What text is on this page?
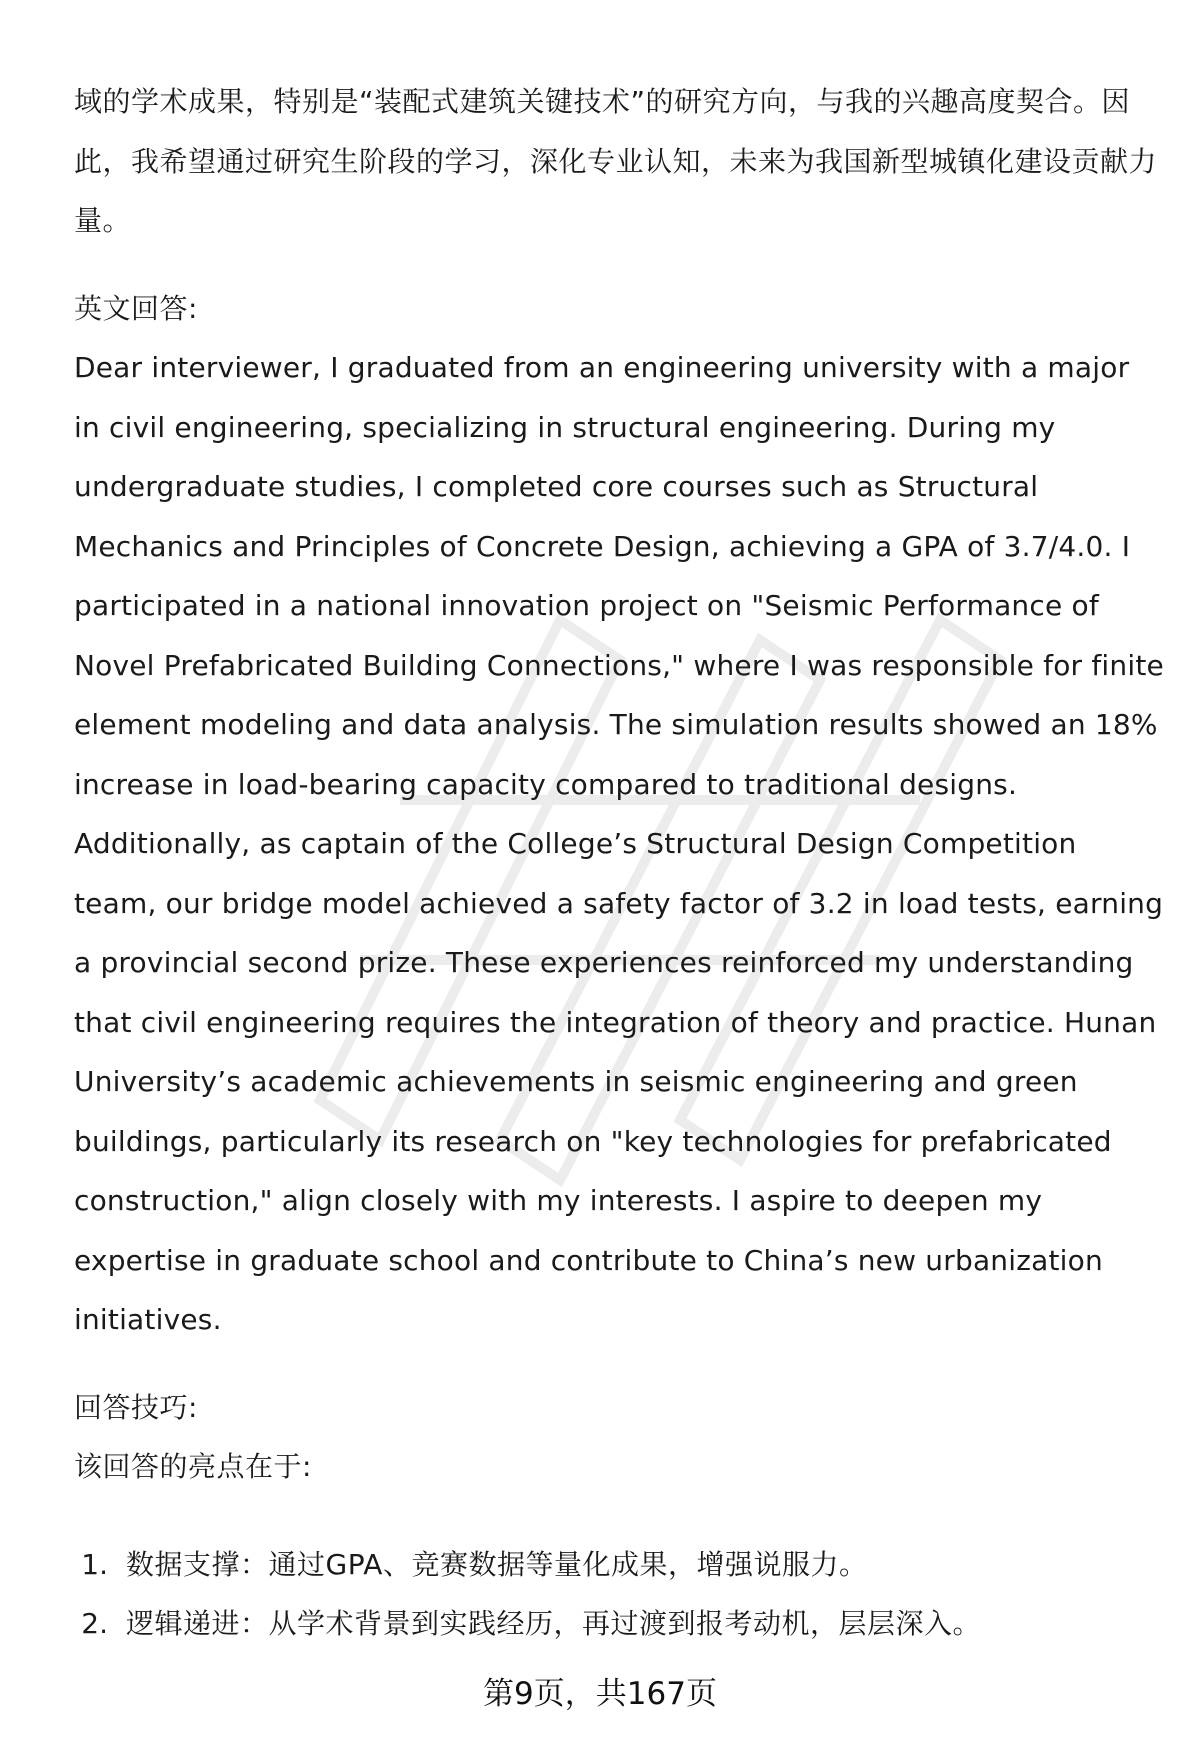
域的学术成果，特别是“装配式建筑关键技术”的研究方向，与我的兴趣高度契合。因此，我希望通过研究生阶段的学习，深化专业认知，未来为我国新型城镇化建设贡献力量。

英文回答:

Dear interviewer, I graduated from an engineering university with a major in civil engineering, specializing in structural engineering. During my undergraduate studies, I completed core courses such as Structural Mechanics and Principles of Concrete Design, achieving a GPA of 3.7/4.0. I participated in a national innovation project on "Seismic Performance of Novel Prefabricated Building Connections," where I was responsible for finite element modeling and data analysis. The simulation results showed an 18% increase in load-bearing capacity compared to traditional designs. Additionally, as captain of the College’s Structural Design Competition team, our bridge model achieved a safety factor of 3.2 in load tests, earning a provincial second prize. These experiences reinforced my understanding that civil engineering requires the integration of theory and practice. Hunan University’s academic achievements in seismic engineering and green buildings, particularly its research on "key technologies for prefabricated construction," align closely with my interests. I aspire to deepen my expertise in graduate school and contribute to China’s new urbanization initiatives.

回答技巧:

该回答的亮点在于:

1. 数据支撑：通过GPA、竞赛数据等量化成果，增强说服力。
2. 逻辑递进：从学术背景到实践经历，再过渡到报考动机，层层深入。
第9页，共167页
